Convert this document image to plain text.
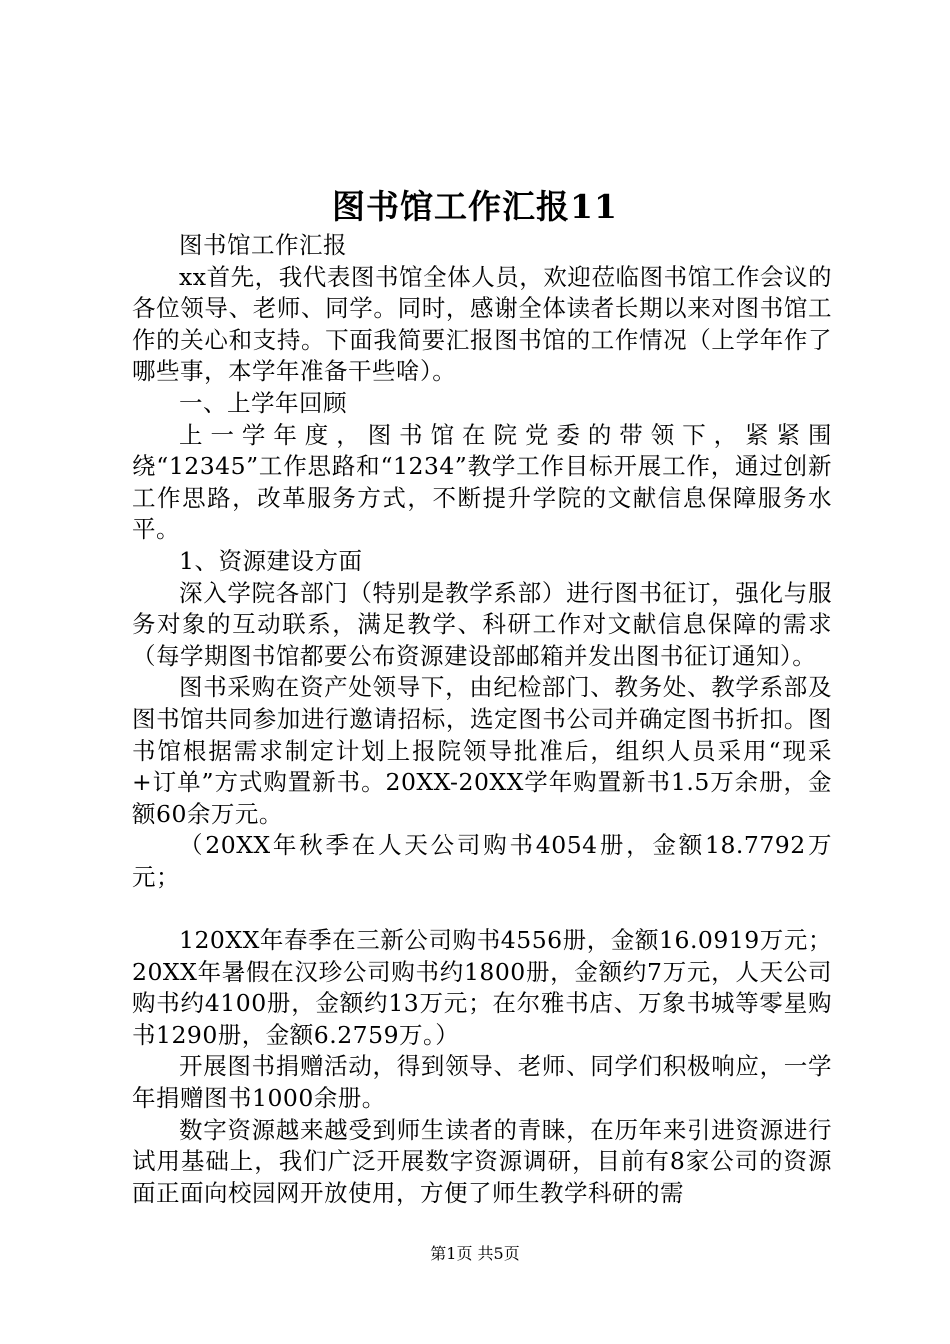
图书馆工作汇报11

图书馆工作汇报

xx首先，我代表图书馆全体人员，欢迎莅临图书馆工作会议的各位领导、老师、同学。同时，感谢全体读者长期以来对图书馆工作的关心和支持。下面我简要汇报图书馆的工作情况（上学年作了哪些事，本学年准备干些啥）。

一、上学年回顾

上一学年度，图书馆在院党委的带领下，紧紧围绕“12345”工作思路和“1234”教学工作目标开展工作，通过创新工作思路，改革服务方式，不断提升学院的文献信息保障服务水平。

1、资源建设方面

深入学院各部门（特别是教学系部）进行图书征订，强化与服务对象的互动联系，满足教学、科研工作对文献信息保障的需求（每学期图书馆都要公布资源建设部邮箱并发出图书征订通知）。

图书采购在资产处领导下，由纪检部门、教务处、教学系部及图书馆共同参加进行邀请招标，选定图书公司并确定图书折扣。图书馆根据需求制定计划上报院领导批准后，组织人员采用“现采+订单”方式购置新书。20XX-20XX学年购置新书1.5万余册，金额60余万元。

（20XX年秋季在人天公司购书4054册，金额18.7792万元；

120XX年春季在三新公司购书4556册，金额16.0919万元；20XX年暑假在汉珍公司购书约1800册，金额约7万元，人天公司购书约4100册，金额约13万元；在尔雅书店、万象书城等零星购书1290册，金额6.2759万。）

开展图书捐赠活动，得到领导、老师、同学们积极响应，一学年捐赠图书1000余册。

数字资源越来越受到师生读者的青睐，在历年来引进资源进行试用基础上，我们广泛开展数字资源调研，目前有8家公司的资源面正面向校园网开放使用，方便了师生教学科研的需

第1页 共5页
